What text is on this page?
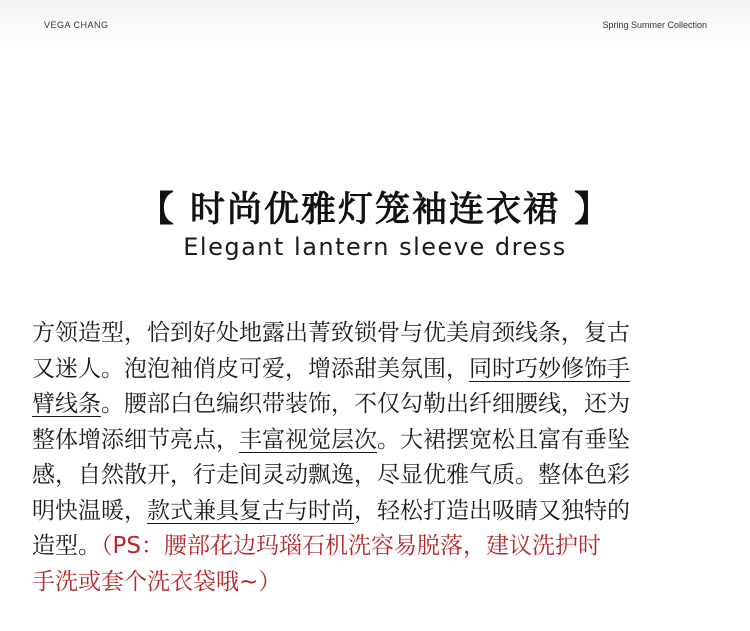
VEGA CHANG	Spring Summer Collection
【 时尚优雅灯笼袖连衣裙 】
Elegant lantern sleeve dress
方领造型，恰到好处地露出菁致锁骨与优美肩颈线条，复古
又迷人。泡泡袖俏皮可爱，增添甜美氛围，同时巧妙修饰手
臂线条。腰部白色编织带装饰，不仅勾勒出纤细腰线，还为
整体增添细节亮点，丰富视觉层次。大裙摆宽松且富有垂坠
感，自然散开，行走间灵动飘逸，尽显优雅气质。整体色彩
明快温暖，款式兼具复古与时尚，轻松打造出吸睛又独特的
造型。（PS：腰部花边玛瑙石机洗容易脱落，建议洗护时
手洗或套个洗衣袋哦~）
